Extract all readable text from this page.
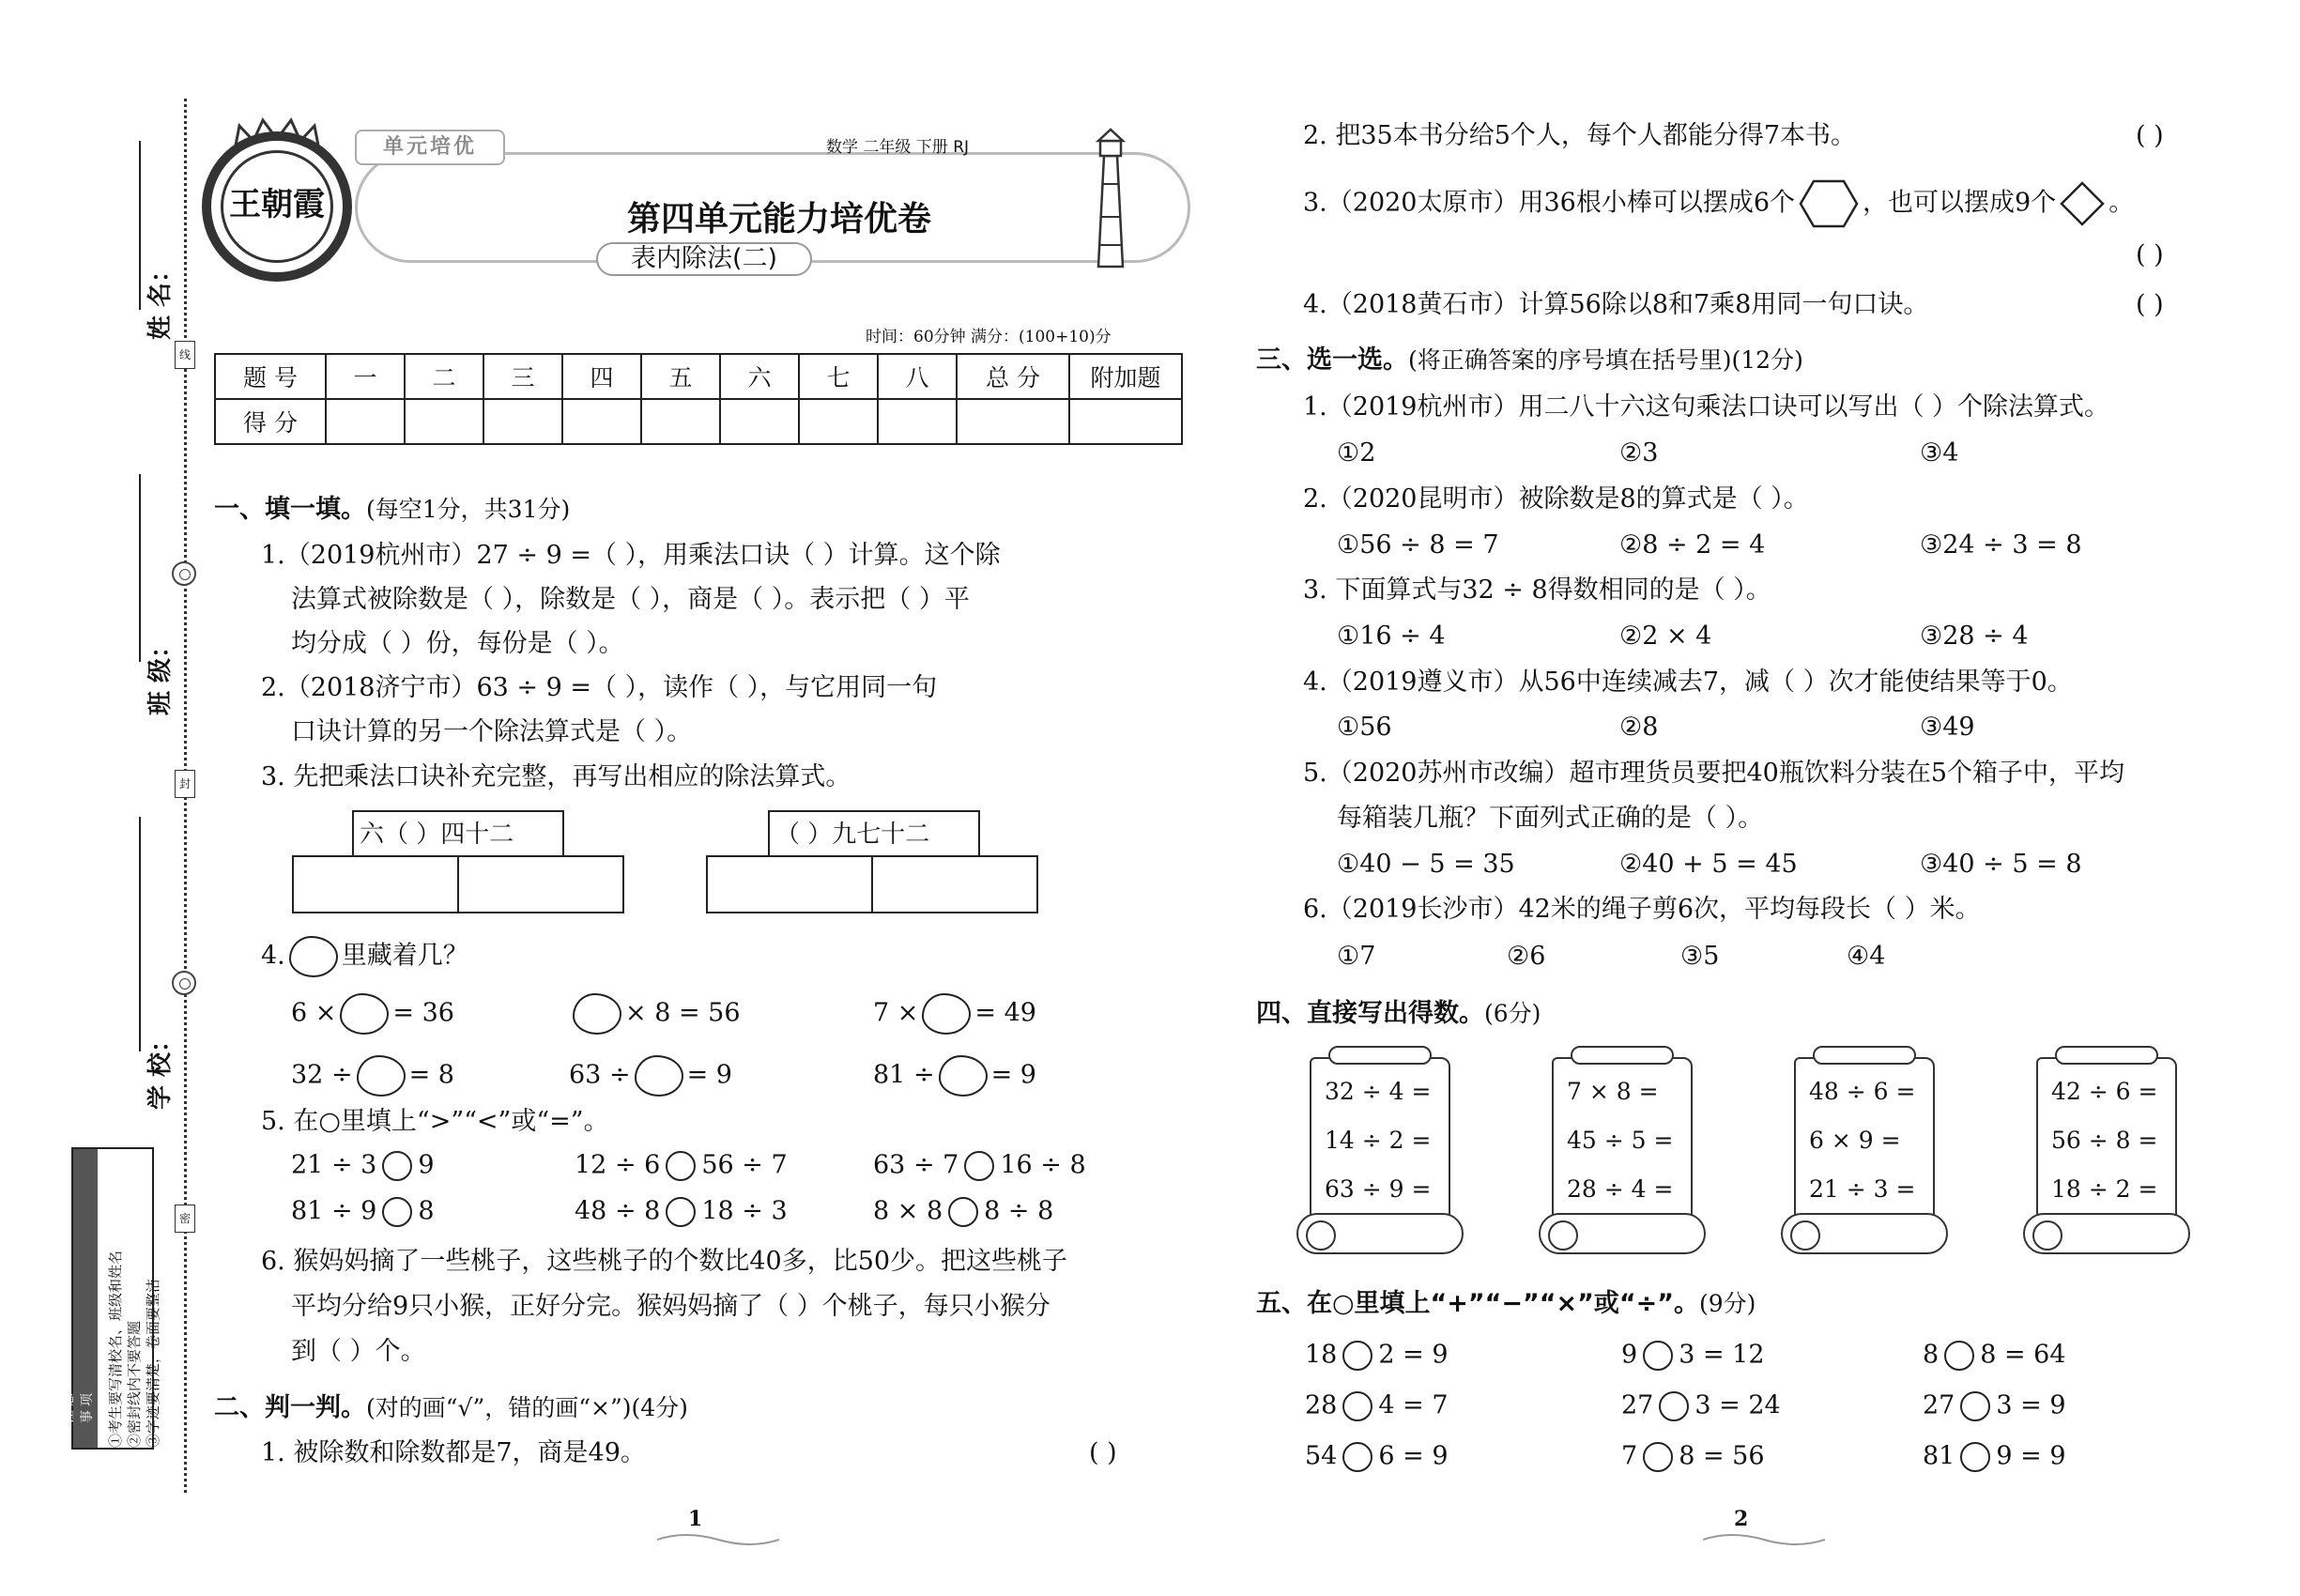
姓 名：
班 级：
学 校：
线
封
密
注意事项 ①考生要写清校名、班级和姓名 ②密封线内不要答题 ③字迹要清楚，卷面要整洁
王朝霞
单元培优	数学 二年级 下册 RJ
第四单元能力培优卷
表内除法(二)
时间：60分钟 满分：(100+10)分
题 号	一	二	三	四	五	六	七	八	总 分	附加题
得 分										
一、填一填。(每空1分，共31分)
1.（2019杭州市）27 ÷ 9 =（ ），用乘法口诀（ ）计算。这个除
法算式被除数是（ ），除数是（ ），商是（ ）。表示把（ ）平
均分成（ ）份，每份是（ ）。
2.（2018济宁市）63 ÷ 9 =（ ），读作（ ），与它用同一句
口诀计算的另一个除法算式是（ ）。
3. 先把乘法口诀补充完整，再写出相应的除法算式。
六（ ）四十二	（ ）九七十二
4. 里藏着几？
6 × = 36	× 8 = 56	7 × = 49
32 ÷ = 8	63 ÷ = 9	81 ÷ = 9
5. 在○里填上“>”“<”或“=”。
21 ÷ 3 9	12 ÷ 6 56 ÷ 7	63 ÷ 7 16 ÷ 8
81 ÷ 9 8	48 ÷ 8 18 ÷ 3	8 × 8 8 ÷ 8
6. 猴妈妈摘了一些桃子，这些桃子的个数比40多，比50少。把这些桃子
平均分给9只小猴，正好分完。猴妈妈摘了（ ）个桃子，每只小猴分
到（ ）个。
二、判一判。(对的画“√”，错的画“×”)(4分)
1. 被除数和除数都是7，商是49。	( )
2. 把35本书分给5个人，每个人都能分得7本书。	( )
3.（2020太原市）用36根小棒可以摆成6个	，也可以摆成9个 。
( )
4.（2018黄石市）计算56除以8和7乘8用同一句口诀。	( )
三、选一选。(将正确答案的序号填在括号里)(12分)
1.（2019杭州市）用二八十六这句乘法口诀可以写出（ ）个除法算式。
①2	②3	③4
2.（2020昆明市）被除数是8的算式是（ ）。
①56 ÷ 8 = 7	②8 ÷ 2 = 4	③24 ÷ 3 = 8
3. 下面算式与32 ÷ 8得数相同的是（ ）。
①16 ÷ 4	②2 × 4	③28 ÷ 4
4.（2019遵义市）从56中连续减去7，减（ ）次才能使结果等于0。
①56	②8	③49
5.（2020苏州市改编）超市理货员要把40瓶饮料分装在5个箱子中，平均
每箱装几瓶？下面列式正确的是（ ）。
①40 − 5 = 35	②40 + 5 = 45	③40 ÷ 5 = 8
6.（2019长沙市）42米的绳子剪6次，平均每段长（ ）米。
①7	②6	③5	④4
四、直接写出得数。(6分)
32 ÷ 4 =
14 ÷ 2 =
63 ÷ 9 =
7 × 8 =
45 ÷ 5 =
28 ÷ 4 =
48 ÷ 6 =
6 × 9 =
21 ÷ 3 =
42 ÷ 6 =
56 ÷ 8 =
18 ÷ 2 =
五、在○里填上“+”“−”“×”或“÷”。(9分)
18 2 = 9	9 3 = 12	8 8 = 64
28 4 = 7	27 3 = 24	27 3 = 9
54 6 = 9	7 8 = 56	81 9 = 9
1	2
